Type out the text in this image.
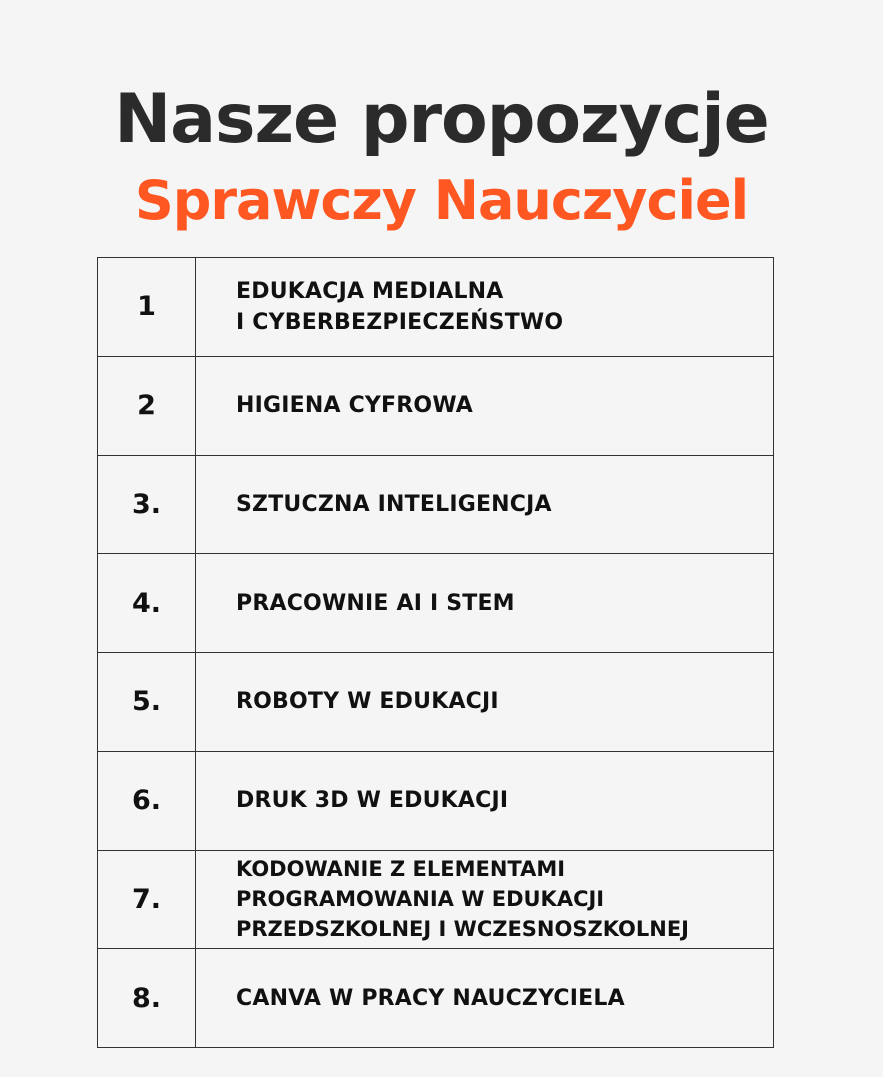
Nasze propozycje
Sprawczy Nauczyciel
1	EDUKACJA MEDIALNA
I CYBERBEZPIECZEŃSTWO
2	HIGIENA CYFROWA
3.	SZTUCZNA INTELIGENCJA
4.	PRACOWNIE AI I STEM
5.	ROBOTY W EDUKACJI
6.	DRUK 3D W EDUKACJI
7.
KODOWANIE Z ELEMENTAMI
PROGRAMOWANIA W EDUKACJI
PRZEDSZKOLNEJ I WCZESNOSZKOLNEJ
8.	CANVA W PRACY NAUCZYCIELA
